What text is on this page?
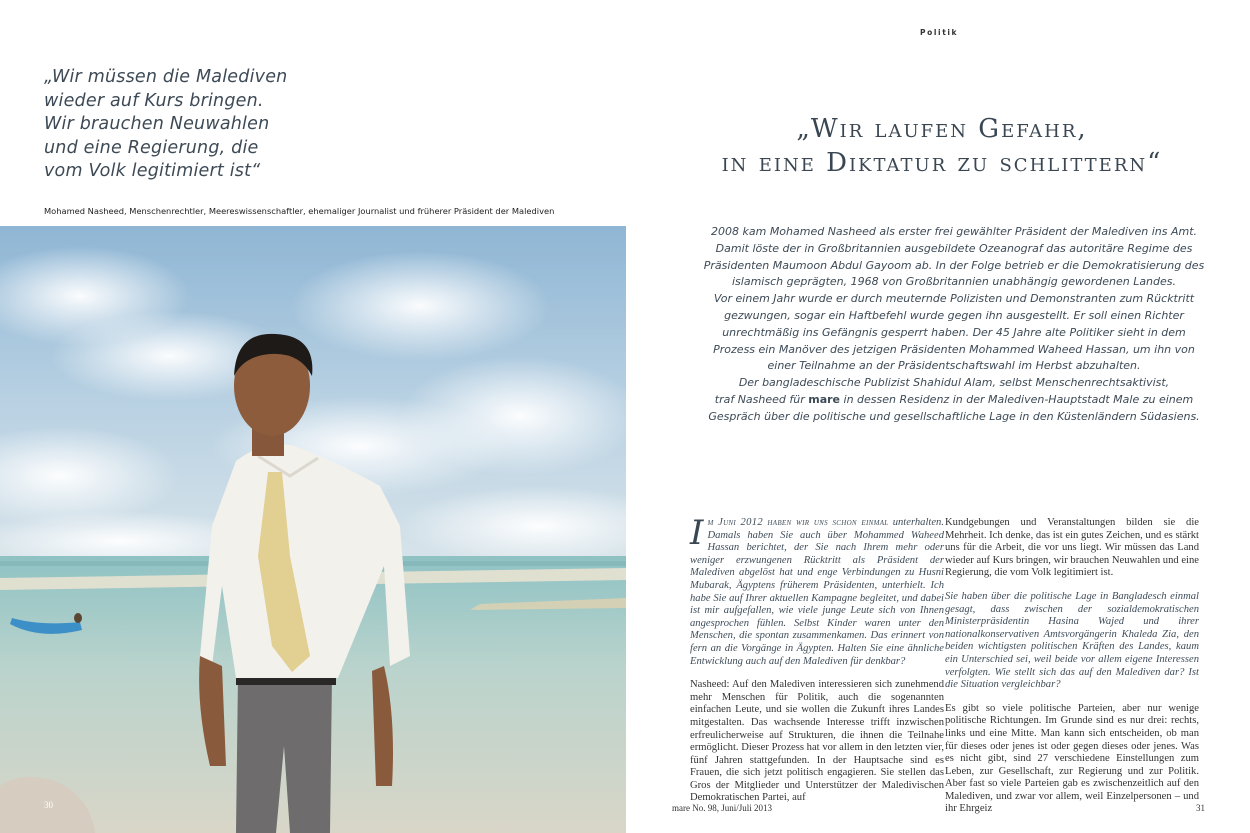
„Wir müssen die Malediven
wieder auf Kurs bringen.
Wir brauchen Neuwahlen
und eine Regierung, die
vom Volk legitimiert ist“
Mohamed Nasheed, Menschenrechtler, Meereswissenschaftler, ehemaliger Journalist und früherer Präsident der Malediven
30
Politik
„Wir laufen Gefahr,
in eine Diktatur zu schlittern“
2008 kam Mohamed Nasheed als erster frei gewählter Präsident der Malediven ins Amt.
Damit löste der in Großbritannien ausgebildete Ozeanograf das autoritäre Regime des
Präsidenten Maumoon Abdul Gayoom ab. In der Folge betrieb er die Demokratisierung des
islamisch geprägten, 1968 von Großbritannien unabhängig gewordenen Landes.
Vor einem Jahr wurde er durch meuternde Polizisten und Demonstranten zum Rücktritt
gezwungen, sogar ein Haftbefehl wurde gegen ihn ausgestellt. Er soll einen Richter
unrechtmäßig ins Gefängnis gesperrt haben. Der 45 Jahre alte Politiker sieht in dem
Prozess ein Manöver des jetzigen Präsidenten Mohammed Waheed Hassan, um ihn von
einer Teilnahme an der Präsidentschaftswahl im Herbst abzuhalten.
Der bangladeschische Publizist Shahidul Alam, selbst Menschenrechtsaktivist,
traf Nasheed für mare in dessen Residenz in der Malediven-Hauptstadt Male zu einem
Gespräch über die politische und gesellschaftliche Lage in den Küstenländern Südasiens.

Im Juni 2012 haben wir uns schon einmal unterhalten. Damals haben Sie auch über Mohammed Waheed Hassan berichtet, der Sie nach Ihrem mehr oder weniger erzwungenen Rücktritt als Präsident der Malediven abgelöst hat und enge Verbindungen zu Husni Mubarak, Ägyptens früherem Präsidenten, unterhielt. Ich habe Sie auf Ihrer aktuellen Kampagne begleitet, und dabei ist mir aufgefallen, wie viele junge Leute sich von Ihnen angesprochen fühlen. Selbst Kinder waren unter den Menschen, die spontan zusammenkamen. Das erinnert von fern an die Vorgänge in Ägypten. Halten Sie eine ähnliche Entwicklung auch auf den Malediven für denkbar?

Nasheed: Auf den Malediven interessieren sich zunehmend mehr Menschen für Politik, auch die sogenannten einfachen Leute, und sie wollen die Zukunft ihres Landes mitgestalten. Das wachsende Interesse trifft inzwischen erfreulicherweise auf Strukturen, die ihnen die Teilnahe ermöglicht. Dieser Prozess hat vor allem in den letzten vier, fünf Jahren stattgefunden. In der Hauptsache sind es Frauen, die sich jetzt politisch engagieren. Sie stellen das Gros der Mitglieder und Unterstützer der Maledivischen Demokratischen Partei, auf

Kundgebungen und Veranstaltungen bilden sie die Mehrheit. Ich denke, das ist ein gutes Zeichen, und es stärkt uns für die Arbeit, die vor uns liegt. Wir müssen das Land wieder auf Kurs bringen, wir brauchen Neuwahlen und eine Regierung, die vom Volk legitimiert ist.

Sie haben über die politische Lage in Bangladesch einmal gesagt, dass zwischen der sozialdemokratischen Ministerpräsidentin Hasina Wajed und ihrer nationalkonservativen Amtsvorgängerin Khaleda Zia, den beiden wichtigsten politischen Kräften des Landes, kaum ein Unterschied sei, weil beide vor allem eigene Interessen verfolgten. Wie stellt sich das auf den Malediven dar? Ist die Situation vergleichbar?

Es gibt so viele politische Parteien, aber nur wenige politische Richtungen. Im Grunde sind es nur drei: rechts, links und eine Mitte. Man kann sich entscheiden, ob man für dieses oder jenes ist oder gegen dieses oder jenes. Was es nicht gibt, sind 27 verschiedene Einstellungen zum Leben, zur Gesellschaft, zur Regierung und zur Politik. Aber fast so viele Parteien gab es zwischenzeitlich auf den Malediven, und zwar vor allem, weil Einzelpersonen – und ihr Ehrgeiz

mare No. 98, Juni/Juli 2013	31
